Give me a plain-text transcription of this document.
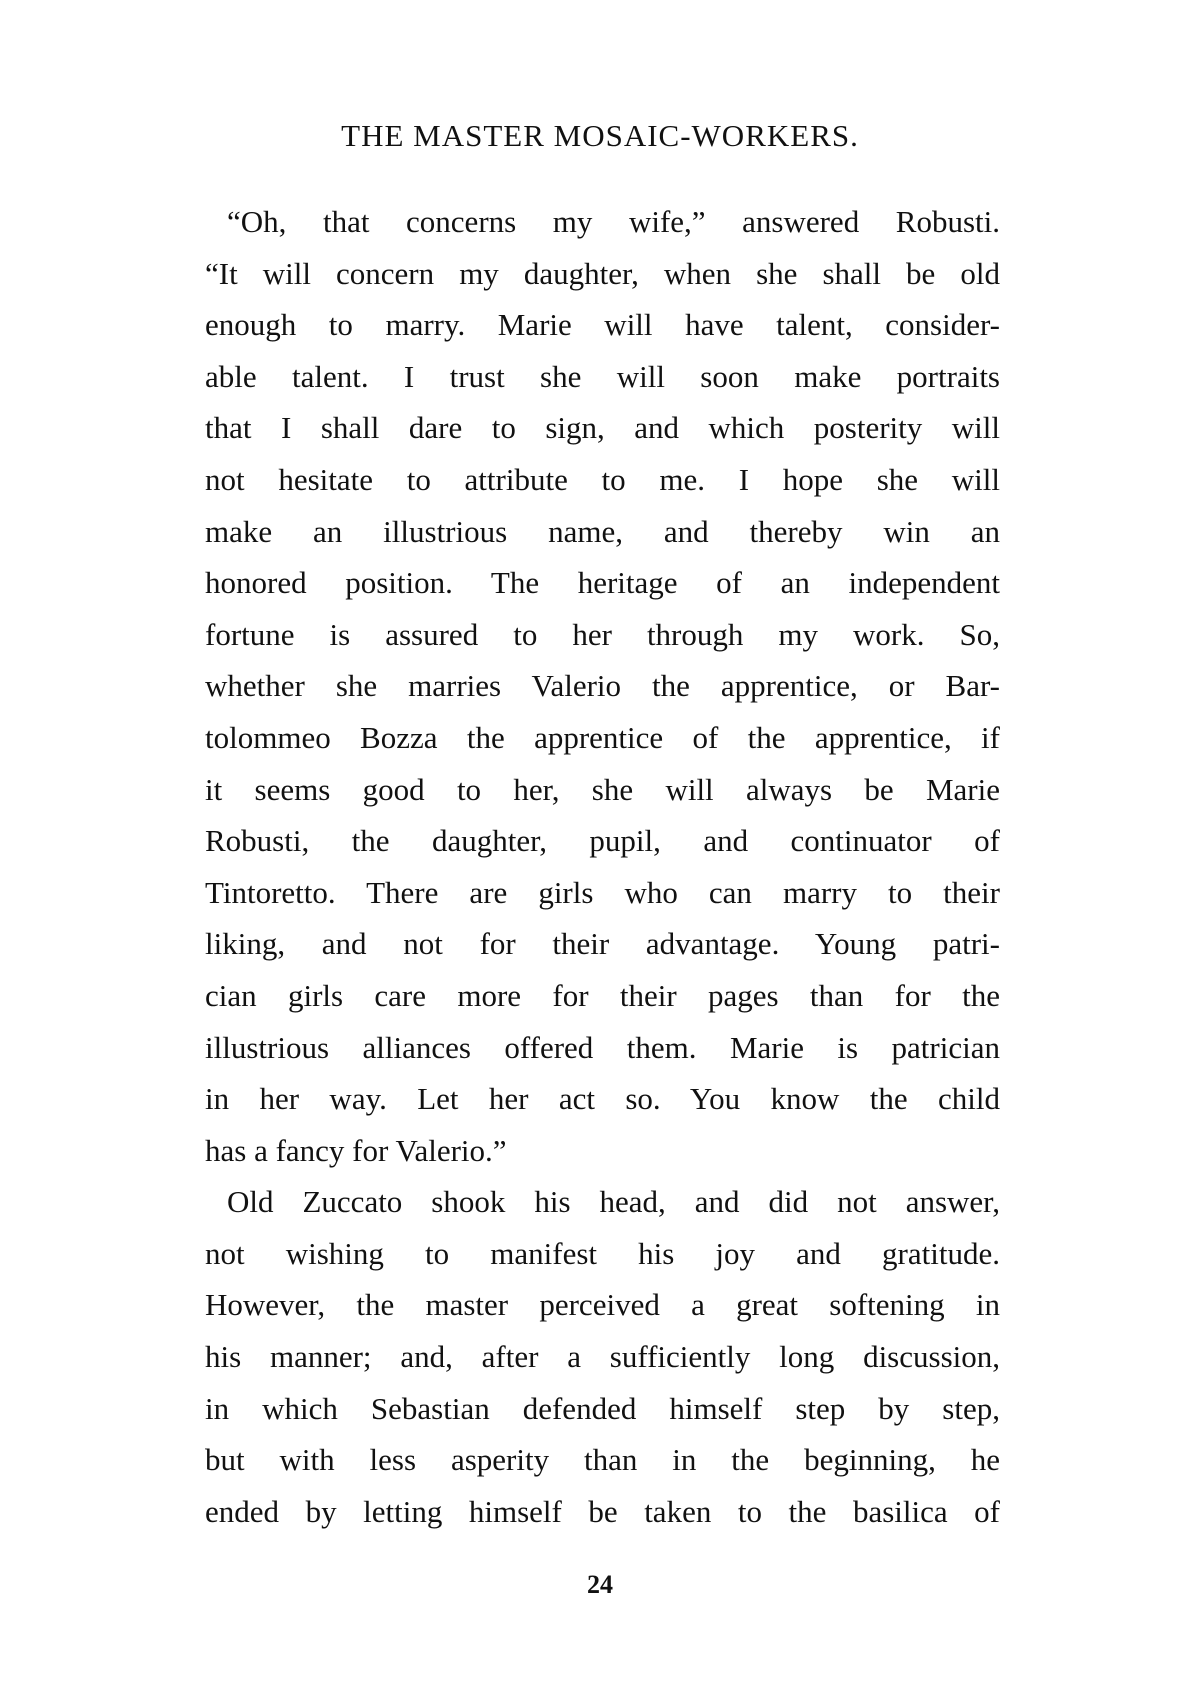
THE MASTER MOSAIC-WORKERS.
“Oh, that concerns my wife,” answered Robusti.
“It will concern my daughter, when she shall be old
enough to marry. Marie will have talent, consider-
able talent. I trust she will soon make portraits
that I shall dare to sign, and which posterity will
not hesitate to attribute to me. I hope she will
make an illustrious name, and thereby win an
honored position. The heritage of an independent
fortune is assured to her through my work. So,
whether she marries Valerio the apprentice, or Bar-
tolommeo Bozza the apprentice of the apprentice, if
it seems good to her, she will always be Marie
Robusti, the daughter, pupil, and continuator of
Tintoretto. There are girls who can marry to their
liking, and not for their advantage. Young patri-
cian girls care more for their pages than for the
illustrious alliances offered them. Marie is patrician
in her way. Let her act so. You know the child
has a fancy for Valerio.”
Old Zuccato shook his head, and did not answer,
not wishing to manifest his joy and gratitude.
However, the master perceived a great softening in
his manner; and, after a sufficiently long discussion,
in which Sebastian defended himself step by step,
but with less asperity than in the beginning, he
ended by letting himself be taken to the basilica of
24
